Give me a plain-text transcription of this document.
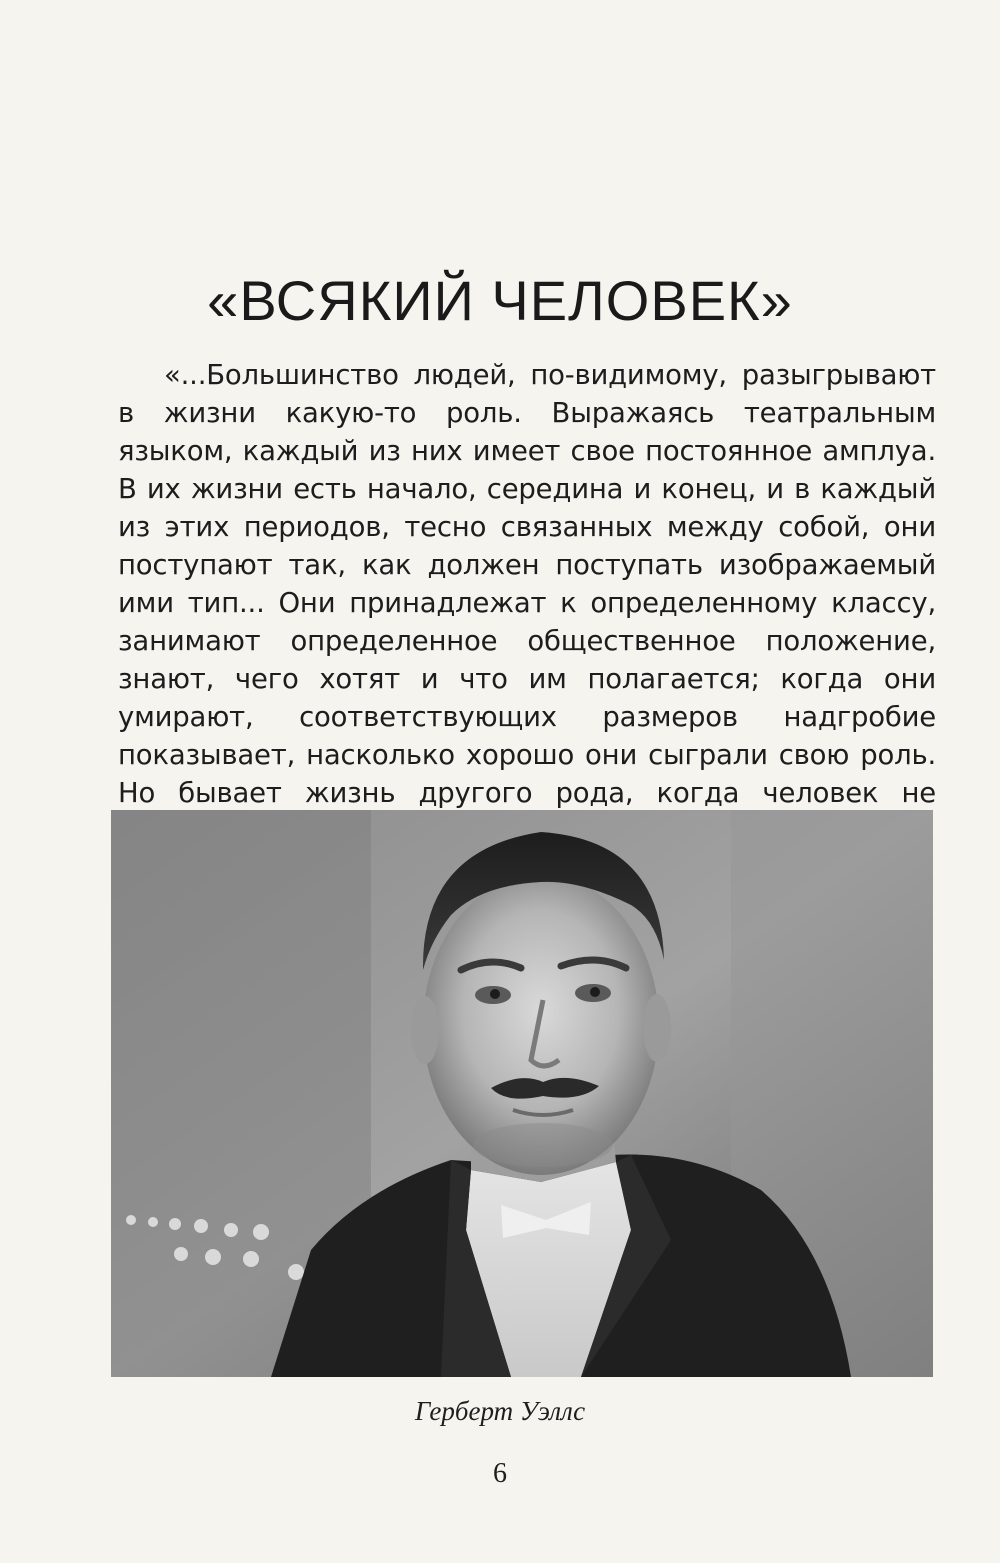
«ВСЯКИЙ ЧЕЛОВЕК»

«...Большинство людей, по-видимому, разыгрывают в жизни какую-то роль. Выражаясь театральным языком, каждый из них имеет свое постоянное амплуа. В их жизни есть начало, середина и конец, и в каждый из этих периодов, тесно связанных между собой, они поступают так, как должен поступать изображаемый ими тип... Они принадлежат к определенному классу, занимают определенное общественное положение, знают, чего хотят и что им полагается; когда они умирают, соответствующих размеров надгробие показывает, насколько хорошо они сыграли свою роль. Но бывает жизнь другого рода, когда человек не

Герберт Уэллс
6
